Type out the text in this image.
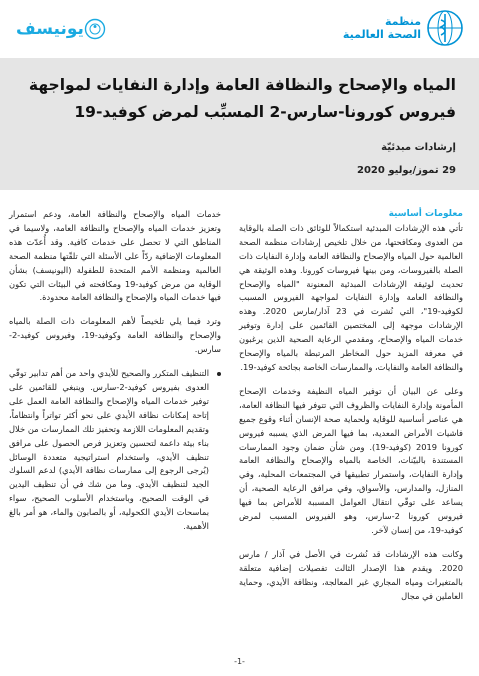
منظمة
الصحة العالمية
يونيسف
المياه والإصحاح والنظافة العامة وإدارة النفايات لمواجهة فيروس كورونا-سارس-2 المسبِّب لمرض كوفيد-19
إرشادات مبدئيّة
29 تموز/يوليو 2020

معلومات أساسية

تأتي هذه الإرشادات المبدئية استكمالاً للوثائق ذات الصلة بالوقاية من العدوى ومكافحتها، من خلال تلخيص إرشادات منظمة الصحة العالمية حول المياه والإصحاح والنظافة العامة وإدارة النفايات ذات الصلة بالفيروسات، ومن بينها فيروسات كورونا. وهذه الوثيقة هي تحديث لوثيقة الإرشادات المبدئية المعنونة "المياه والإصحاح والنظافة العامة وإدارة النفايات لمواجهة الفيروس المسبب لكوفيد-19"، التي نُشرت في 23 آذار/مارس 2020. وهذه الإرشادات موجهة إلى المختصين القائمين على إدارة وتوفير خدمات المياه والإصحاح، ومقدمي الرعاية الصحية الذين يرغبون في معرفة المزيد حول المخاطر المرتبطة بالمياه والإصحاح والنظافة العامة والنفايات، والممارسات الخاصة بجائحة كوفيد-19.

وعلى عن البيان أن توفير المياه النظيفة وخدمات الإصحاح المأمونة وإدارة النفايات والظروف التي تتوفر فيها النظافة العامة، هي عناصر أساسية للوقاية ولحماية صحة الإنسان أثناء وقوع جميع فاشيات الأمراض المعدية، بما فيها المرض الذي يسببه فيروس كورونا 2019 (كوفيد-19). ومن شأن ضمان وجود الممارسات المستندة بالبيّنات، الخاصة بالمياه والإصحاح والنظافة العامة وإدارة النفايات، واستمرار تطبيقها في المجتمعات المحلية، وفي المنازل، والمدارس، والأسواق، وفي مرافق الرعاية الصحية، أن يساعد على توقّي انتقال العوامل المسببة للأمراض بما فيها فيروس كورونا 2-سارس، وهو الفيروس المسبب لمرض كوفيد-19، من إنسان لآخر.

وكانت هذه الإرشادات قد نُشرت في الأصل في آذار / مارس 2020. ويقدم هذا الإصدار الثالث تفصيلات إضافية متعلقة بالمتغيرات ومياه المجاري غير المعالجة، ونظافة الأيدي، وحماية العاملين في مجال

خدمات المياه والإصحاح والنظافة العامة، ودعم استمرار وتعزيز خدمات المياه والإصحاح والنظافة العامة، ولاسيما في المناطق التي لا تحصل على خدمات كافية. وقد أُعدّت هذه المعلومات الإضافية ردّاً على الأسئلة التي تلقّتها منظمة الصحة العالمية ومنظمة الأمم المتحدة للطفولة (اليونيسف) بشأن الوقاية من مرض كوفيد-19 ومكافحته في البيئات التي تكون فيها خدمات المياه والإصحاح والنظافة العامة محدودة.

وترد فيما يلي تلخيصاً لأهم المعلومات ذات الصلة بالمياه والإصحاح والنظافة العامة وكوفيد-19، وفيروس كوفيد-2-سارس.

التنظيف المتكرر والصحيح للأيدي واحد من أهم تدابير توقّي العدوى بفيروس كوفيد-2-سارس. وينبغي للقائمين على توفير خدمات المياه والإصحاح والنظافة العامة العمل على إتاحة إمكانات نظافة الأيدي على نحو أكثر تواتراً وانتظاماً، وتقديم المعلومات اللازمة وتحفيز تلك الممارسات من خلال بناء بيئة داعمة لتحسين وتعزيز فرص الحصول على مرافق تنظيف الأيدي، واستخدام استراتيجية متعددة الوسائل (يُرجى الرجوع إلى ممارسات نظافة الأيدي) لدعم السلوك الجيد لتنظيف الأيدي. وما من شك في أن تنظيف اليدين في الوقت الصحيح، وباستخدام الأسلوب الصحيح، سواء بماسحات الأيدي الكحولية، أو بالصابون والماء، هو أمر بالغ الأهمية.

-1-
